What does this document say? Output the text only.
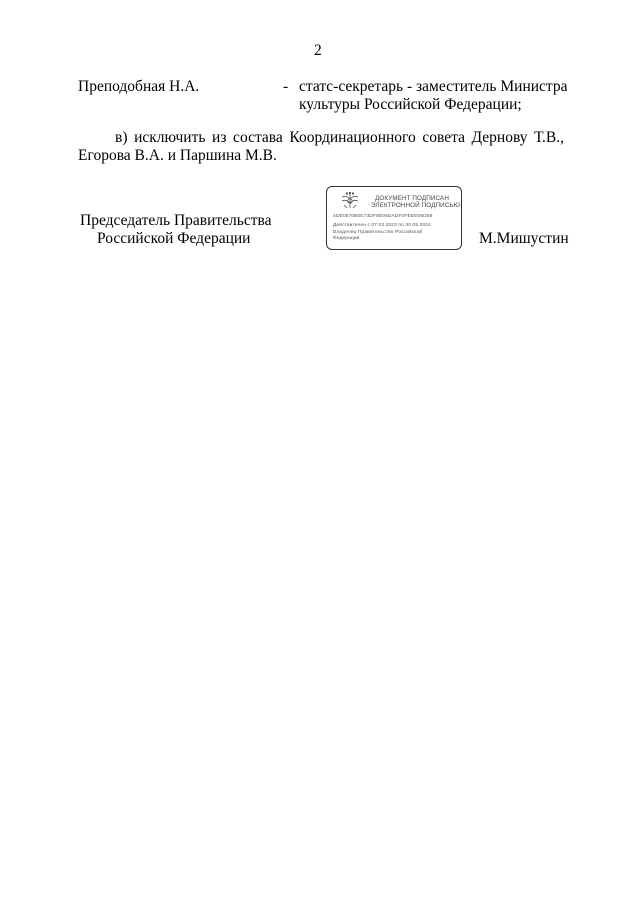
2
Преподобная Н.А.	- статс-секретарь - заместитель Министра
культуры Российской Федерации;
в) исключить из состава Координационного совета Дернову Т.В.,
Егорова В.А. и Паршина М.В.
Председатель Правительства
Российской Федерации	М.Мишустин
ДОКУМЕНТ ПОДПИСАН
ЭЛЕКТРОННОЙ ПОДПИСЬЮ
4DE0570B0E73DF8E05DADF0FEEE05D58
Действителен с 07.03.2023 по 30.05.2024
Владелец Правительство Российской
Федерации
